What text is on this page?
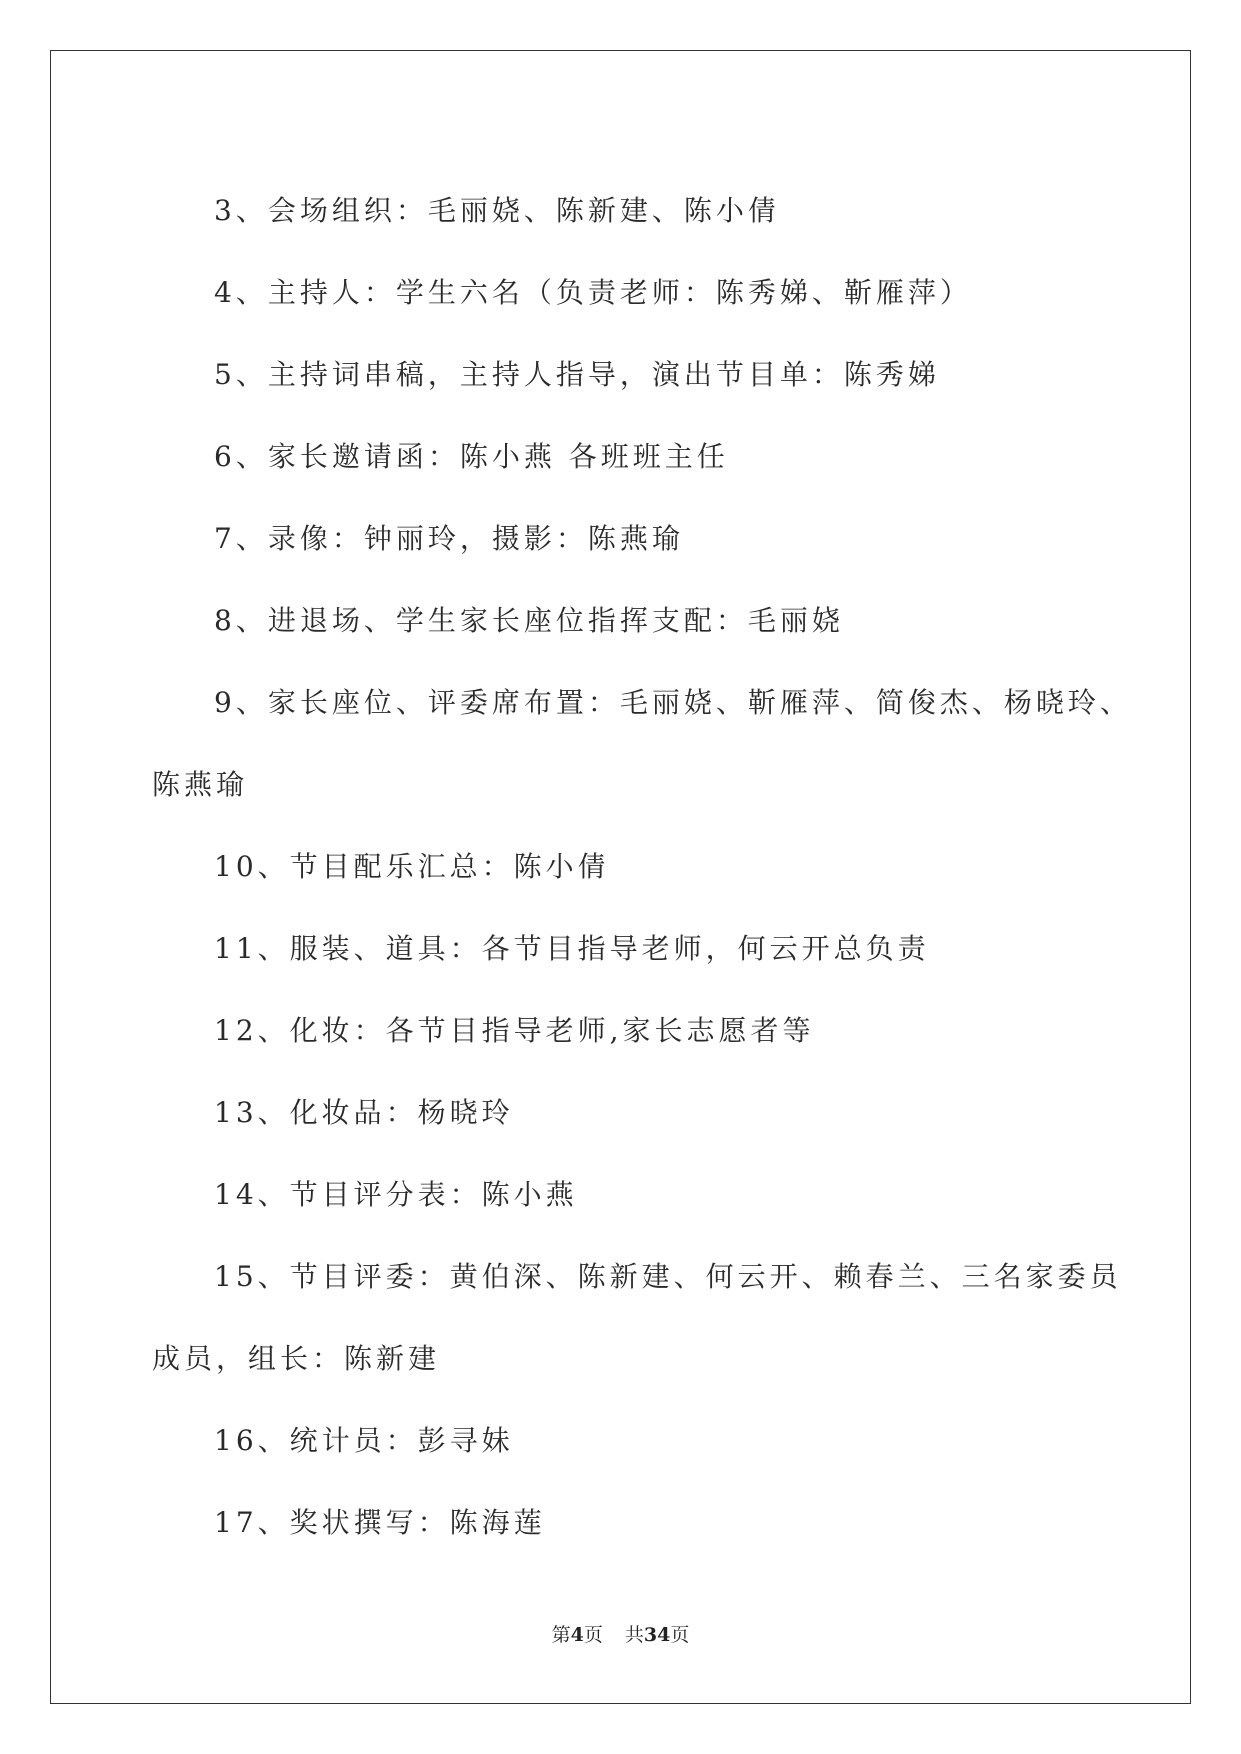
3、会场组织：毛丽娆、陈新建、陈小倩
4、主持人：学生六名（负责老师：陈秀娣、靳雁萍）
5、主持词串稿，主持人指导，演出节目单：陈秀娣
6、家长邀请函：陈小燕 各班班主任
7、录像：钟丽玲，摄影：陈燕瑜
8、进退场、学生家长座位指挥支配：毛丽娆
9、家长座位、评委席布置：毛丽娆、靳雁萍、简俊杰、杨晓玲、
陈燕瑜
10、节目配乐汇总：陈小倩
11、服装、道具：各节目指导老师，何云开总负责
12、化妆：各节目指导老师,家长志愿者等
13、化妆品：杨晓玲
14、节目评分表：陈小燕
15、节目评委：黄伯深、陈新建、何云开、赖春兰、三名家委员
成员，组长：陈新建
16、统计员：彭寻妹
17、奖状撰写：陈海莲
第4页 共34页
